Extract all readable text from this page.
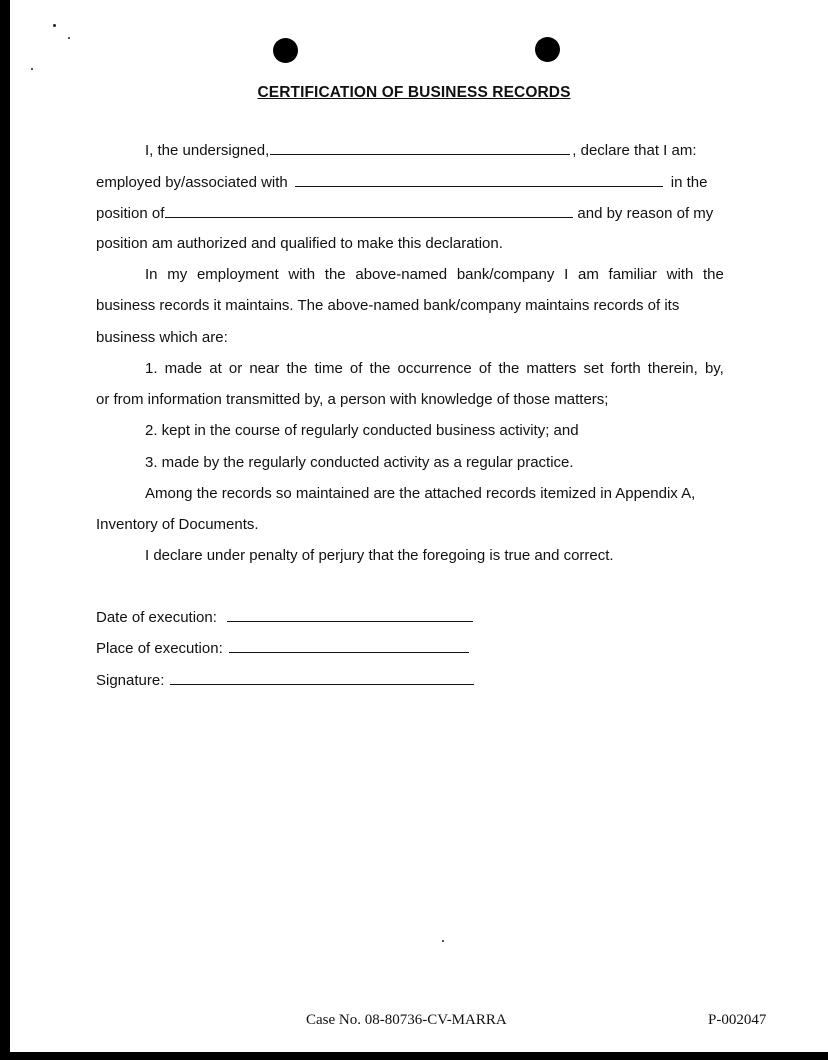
CERTIFICATION OF BUSINESS RECORDS
I, the undersigned,	, declare that I am:
employed by/associated with	in the
position of	and by reason of my
position am authorized and qualified to make this declaration.
In my employment with the above-named bank/company I am familiar with the
business records it maintains. The above-named bank/company maintains records of its
business which are:
1. made at or near the time of the occurrence of the matters set forth therein, by,
or from information transmitted by, a person with knowledge of those matters;
2. kept in the course of regularly conducted business activity; and
3. made by the regularly conducted activity as a regular practice.
Among the records so maintained are the attached records itemized in Appendix A,
Inventory of Documents.
I declare under penalty of perjury that the foregoing is true and correct.
Date of execution:
Place of execution:
Signature:
Case No. 08-80736-CV-MARRA	P-002047
